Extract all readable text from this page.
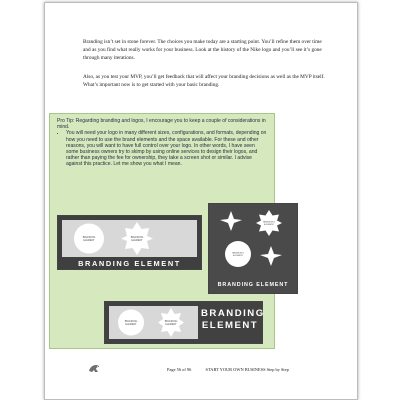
Branding isn’t set in stone forever. The choices you make today are a starting point. You’ll refine them over time and as you find what really works for your business. Look at the history of the Nike logo and you’ll see it’s gone through many iterations.

Also, as you test your MVP, you’ll get feedback that will affect your branding decisions as well as the MVP itself. What’s important now is to get started with your basic branding.

Pro Tip: Regarding branding and logos, I encourage you to keep a couple of considerations in mind.
• You will need your logo in many different sizes, configurations, and formats, depending on how you need to use the brand elements and the space available. For these and other reasons, you will want to have full control over your logo. In other words, I have seen some business owners try to skimp by using online services to design their logos, and rather than paying the fee for ownership, they take a screen shot or similar. I advise against this practice. Let me show you what I mean.
BRANDING
ELEMENT
BRANDING
ELEMENT
BRANDING ELEMENT
BRANDING
ELEMENT
BRANDING
ELEMENT
BRANDING ELEMENT
BRANDING
ELEMENT
BRANDING
ELEMENT
BRANDING
ELEMENT
Page 56 of 96	START YOUR OWN BUSINESS Step by Step
